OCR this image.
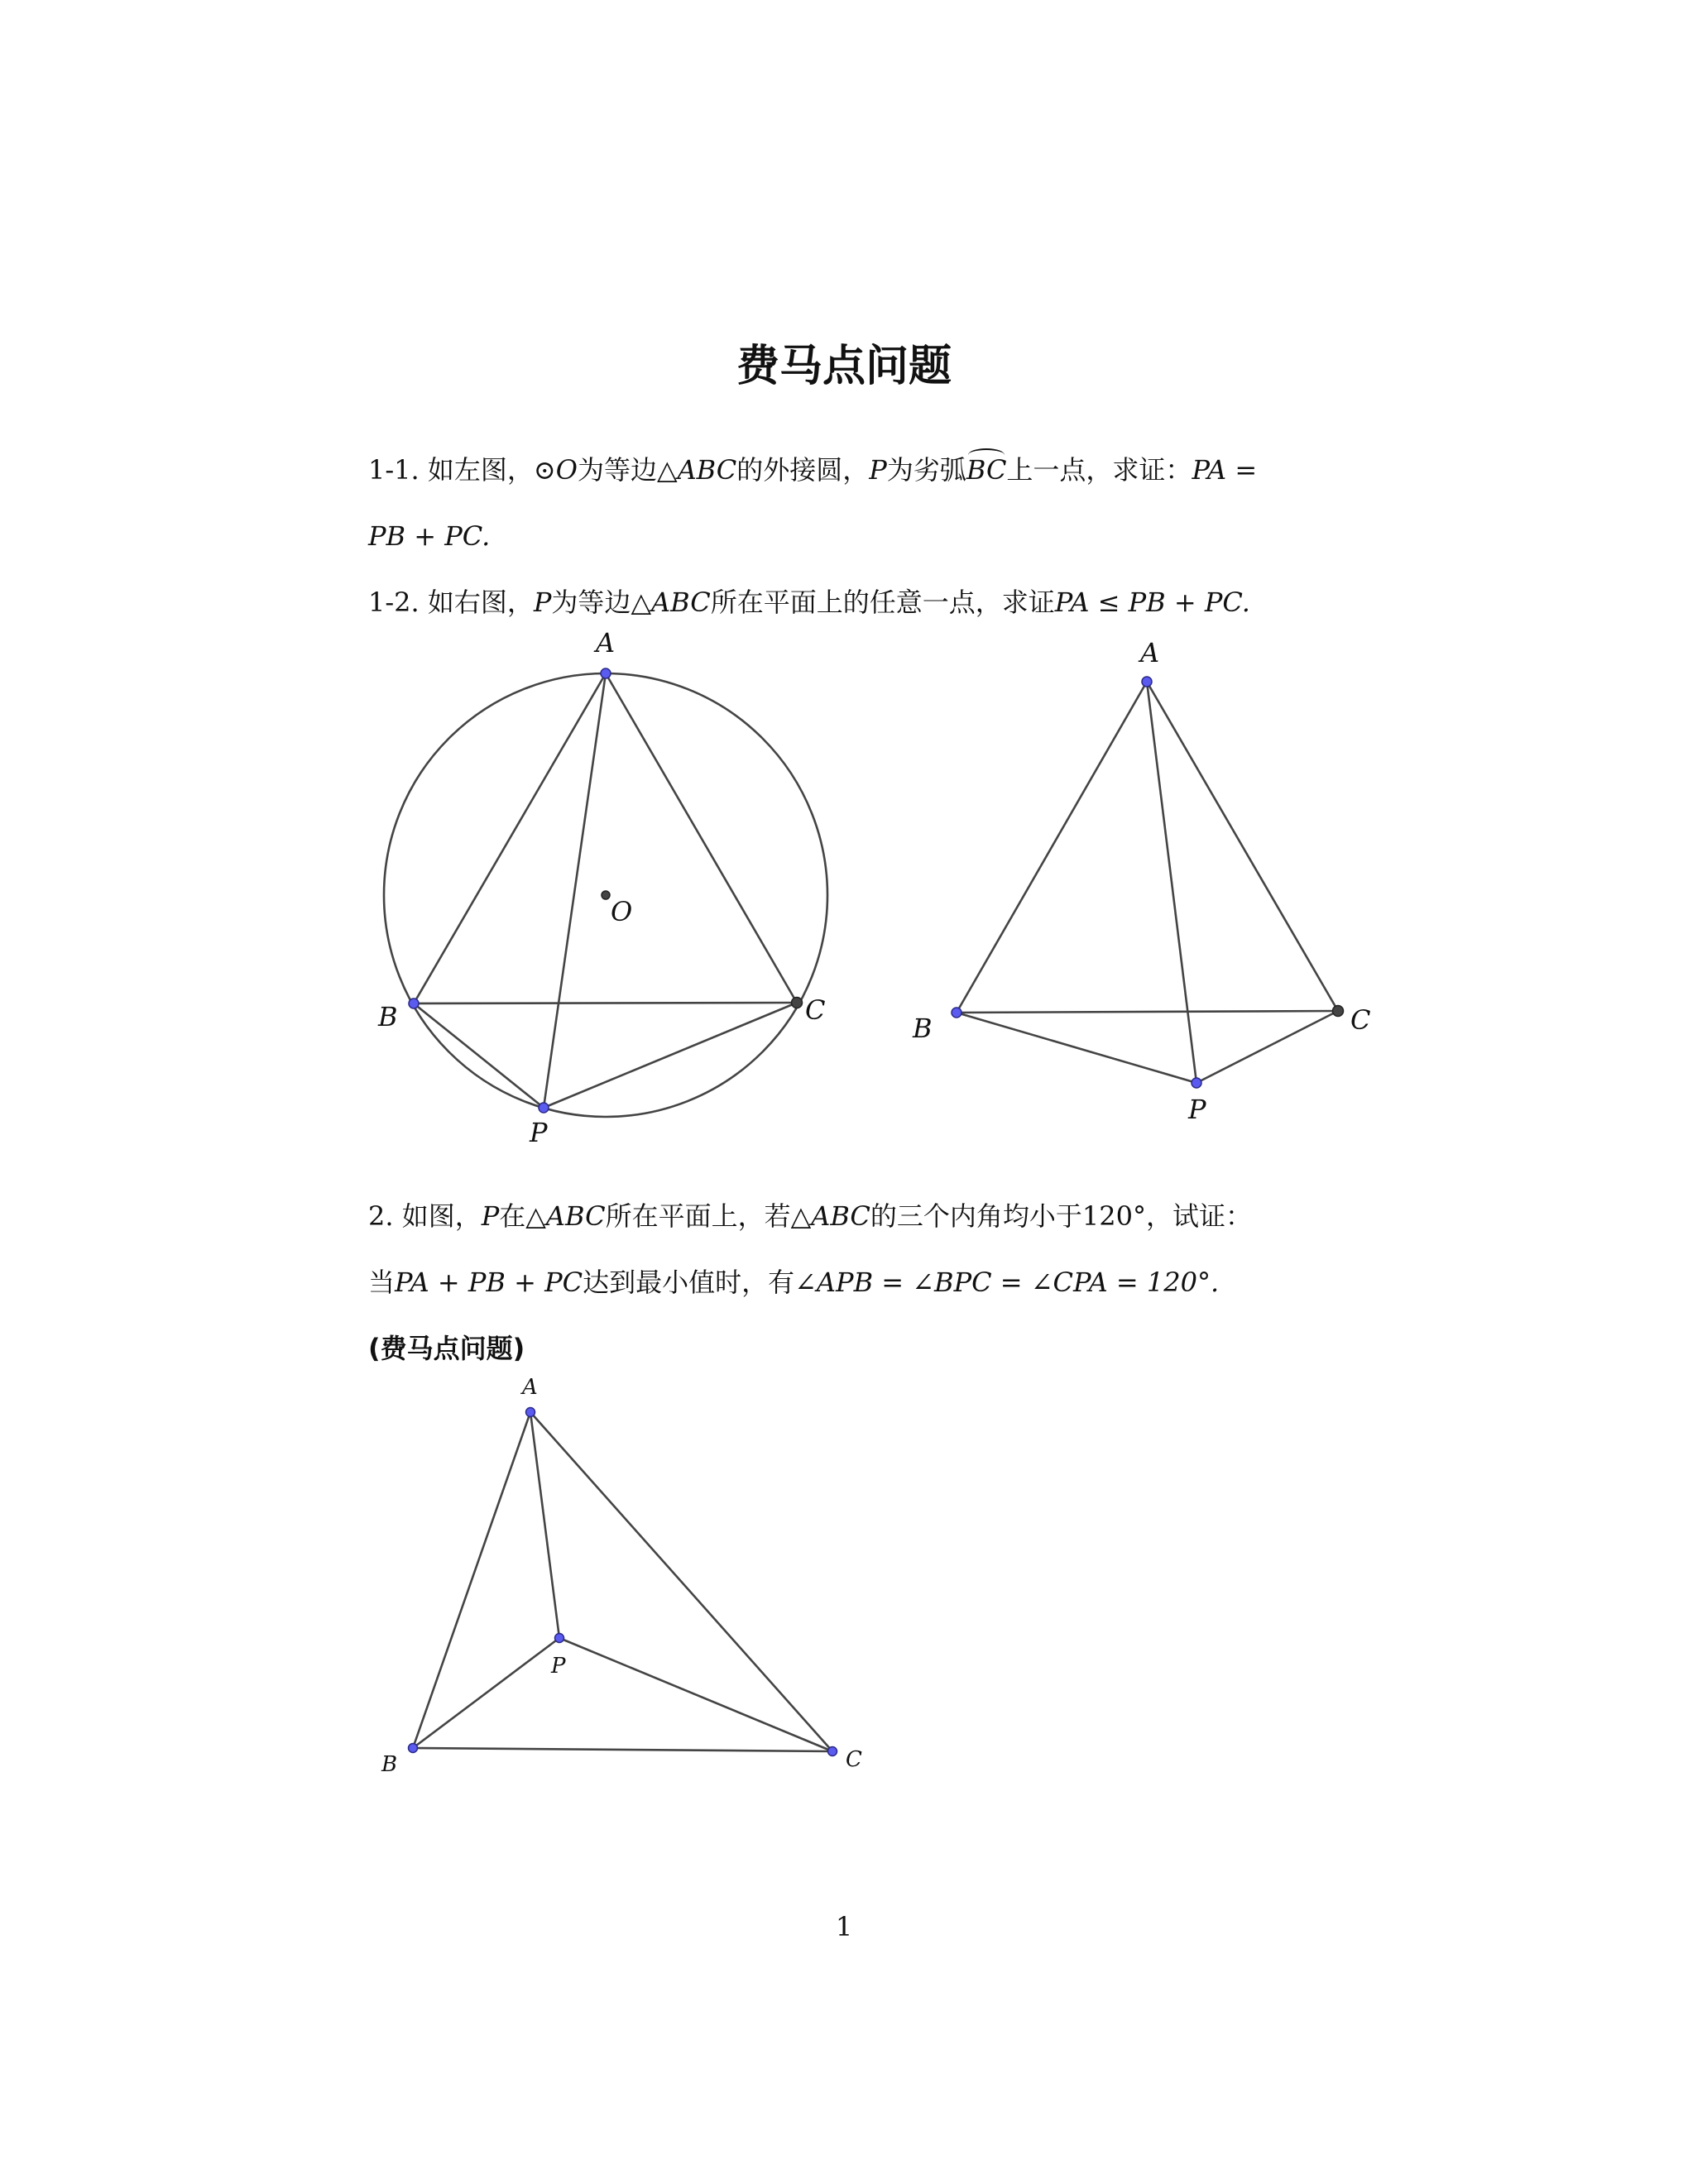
费马点问题
1-1. 如左图，⊙O为等边△ABC的外接圆，P为劣弧BC上一点，求证：PA =
PB + PC.
1-2. 如右图，P为等边△ABC所在平面上的任意一点，求证PA ≤ PB + PC.
A
B	C
P
O
A
B	C
P
2. 如图，P在△ABC所在平面上，若△ABC的三个内角均小于120°，试证：
当PA + PB + PC达到最小值时，有∠APB = ∠BPC = ∠CPA = 120°.
(费马点问题)
A
B	C
P
1
